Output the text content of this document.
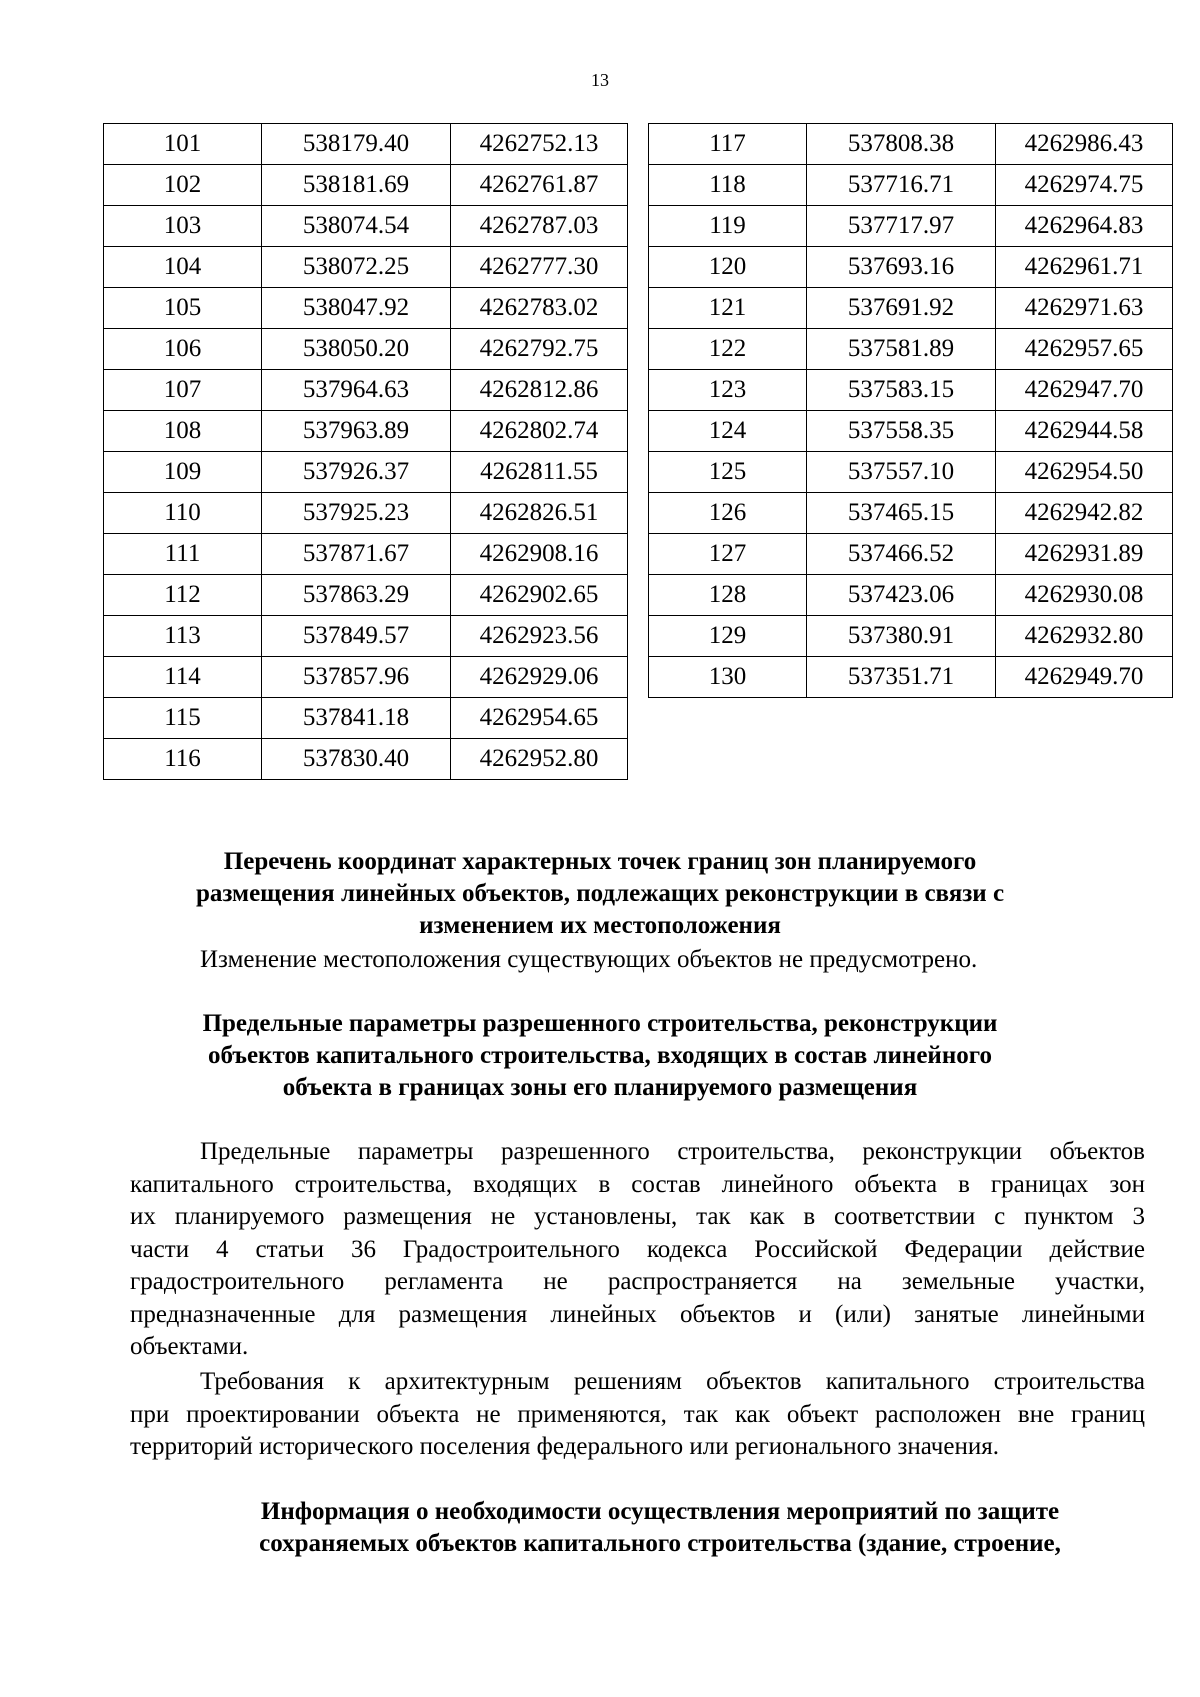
13
101	538179.40	4262752.13
102	538181.69	4262761.87
103	538074.54	4262787.03
104	538072.25	4262777.30
105	538047.92	4262783.02
106	538050.20	4262792.75
107	537964.63	4262812.86
108	537963.89	4262802.74
109	537926.37	4262811.55
110	537925.23	4262826.51
111	537871.67	4262908.16
112	537863.29	4262902.65
113	537849.57	4262923.56
114	537857.96	4262929.06
115	537841.18	4262954.65
116	537830.40	4262952.80
117	537808.38	4262986.43
118	537716.71	4262974.75
119	537717.97	4262964.83
120	537693.16	4262961.71
121	537691.92	4262971.63
122	537581.89	4262957.65
123	537583.15	4262947.70
124	537558.35	4262944.58
125	537557.10	4262954.50
126	537465.15	4262942.82
127	537466.52	4262931.89
128	537423.06	4262930.08
129	537380.91	4262932.80
130	537351.71	4262949.70
Перечень координат характерных точек границ зон планируемого
размещения линейных объектов, подлежащих реконструкции в связи с
изменением их местоположения
Изменение местоположения существующих объектов не предусмотрено.
Предельные параметры разрешенного строительства, реконструкции
объектов капитального строительства, входящих в состав линейного
объекта в границах зоны его планируемого размещения
Предельные параметры разрешенного строительства, реконструкции объектов
капитального строительства, входящих в состав линейного объекта в границах зон
их планируемого размещения не установлены, так как в соответствии с пунктом 3
части 4 статьи 36 Градостроительного кодекса Российской Федерации действие
градостроительного регламента не распространяется на земельные участки,
предназначенные для размещения линейных объектов и (или) занятые линейными
объектами.
Требования к архитектурным решениям объектов капитального строительства
при проектировании объекта не применяются, так как объект расположен вне границ
территорий исторического поселения федерального или регионального значения.
Информация о необходимости осуществления мероприятий по защите
сохраняемых объектов капитального строительства (здание, строение,
